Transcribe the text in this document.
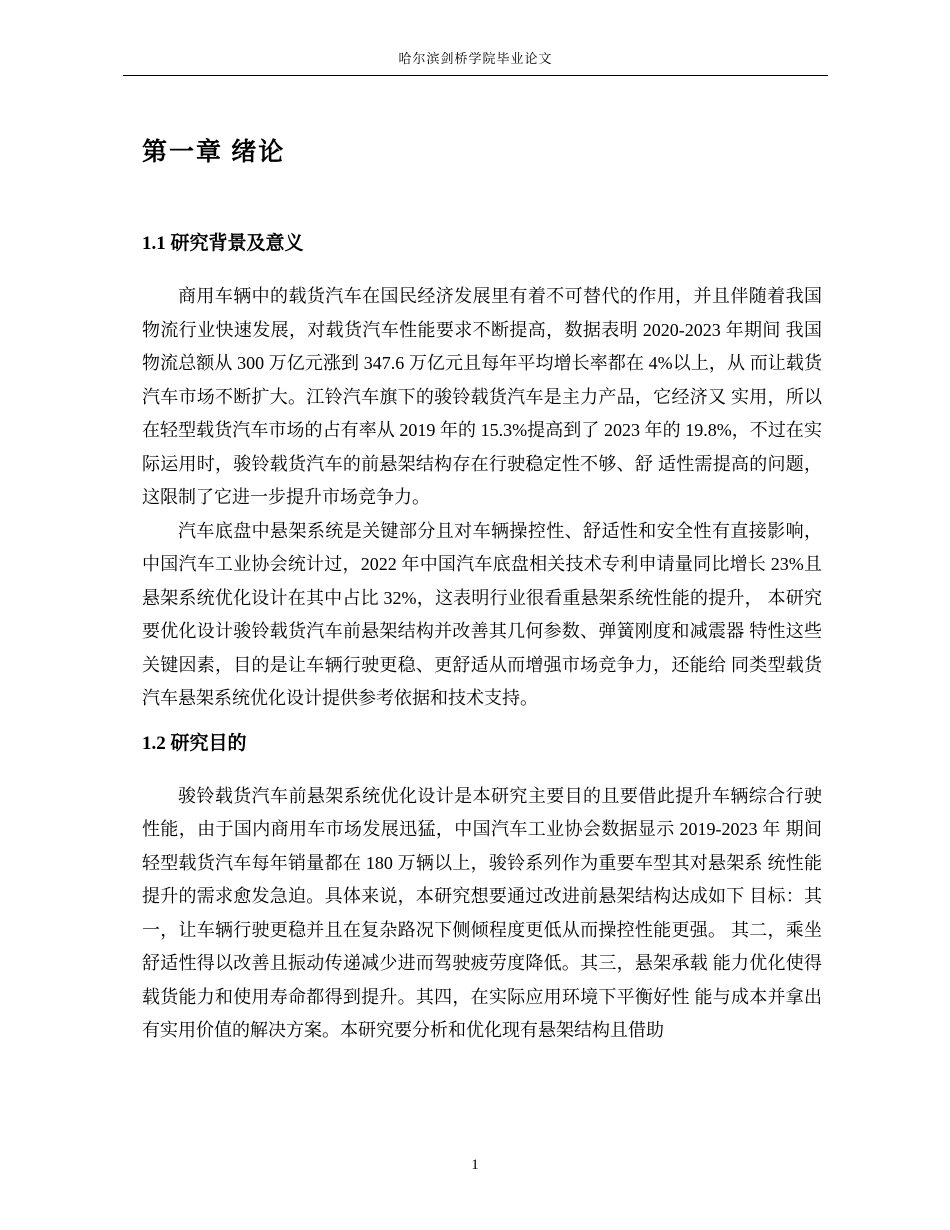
哈尔滨剑桥学院毕业论文
第一章 绪论
1.1 研究背景及意义

商用车辆中的载货汽车在国民经济发展里有着不可替代的作用，并且伴随着我国物流行业快速发展，对载货汽车性能要求不断提高，数据表明 2020-2023 年期间 我国物流总额从 300 万亿元涨到 347.6 万亿元且每年平均增长率都在 4%以上，从 而让载货汽车市场不断扩大。江铃汽车旗下的骏铃载货汽车是主力产品，它经济又 实用，所以在轻型载货汽车市场的占有率从 2019 年的 15.3%提高到了 2023 年的 19.8%，不过在实际运用时，骏铃载货汽车的前悬架结构存在行驶稳定性不够、舒 适性需提高的问题，这限制了它进一步提升市场竞争力。

汽车底盘中悬架系统是关键部分且对车辆操控性、舒适性和安全性有直接影响，中国汽车工业协会统计过，2022 年中国汽车底盘相关技术专利申请量同比增长 23%且悬架系统优化设计在其中占比 32%，这表明行业很看重悬架系统性能的提升， 本研究要优化设计骏铃载货汽车前悬架结构并改善其几何参数、弹簧刚度和减震器 特性这些关键因素，目的是让车辆行驶更稳、更舒适从而增强市场竞争力，还能给 同类型载货汽车悬架系统优化设计提供参考依据和技术支持。

1.2 研究目的

骏铃载货汽车前悬架系统优化设计是本研究主要目的且要借此提升车辆综合行驶性能，由于国内商用车市场发展迅猛，中国汽车工业协会数据显示 2019-2023 年 期间轻型载货汽车每年销量都在 180 万辆以上，骏铃系列作为重要车型其对悬架系 统性能提升的需求愈发急迫。具体来说，本研究想要通过改进前悬架结构达成如下 目标：其一，让车辆行驶更稳并且在复杂路况下侧倾程度更低从而操控性能更强。 其二，乘坐舒适性得以改善且振动传递减少进而驾驶疲劳度降低。其三，悬架承载 能力优化使得载货能力和使用寿命都得到提升。其四，在实际应用环境下平衡好性 能与成本并拿出有实用价值的解决方案。本研究要分析和优化现有悬架结构且借助

1
